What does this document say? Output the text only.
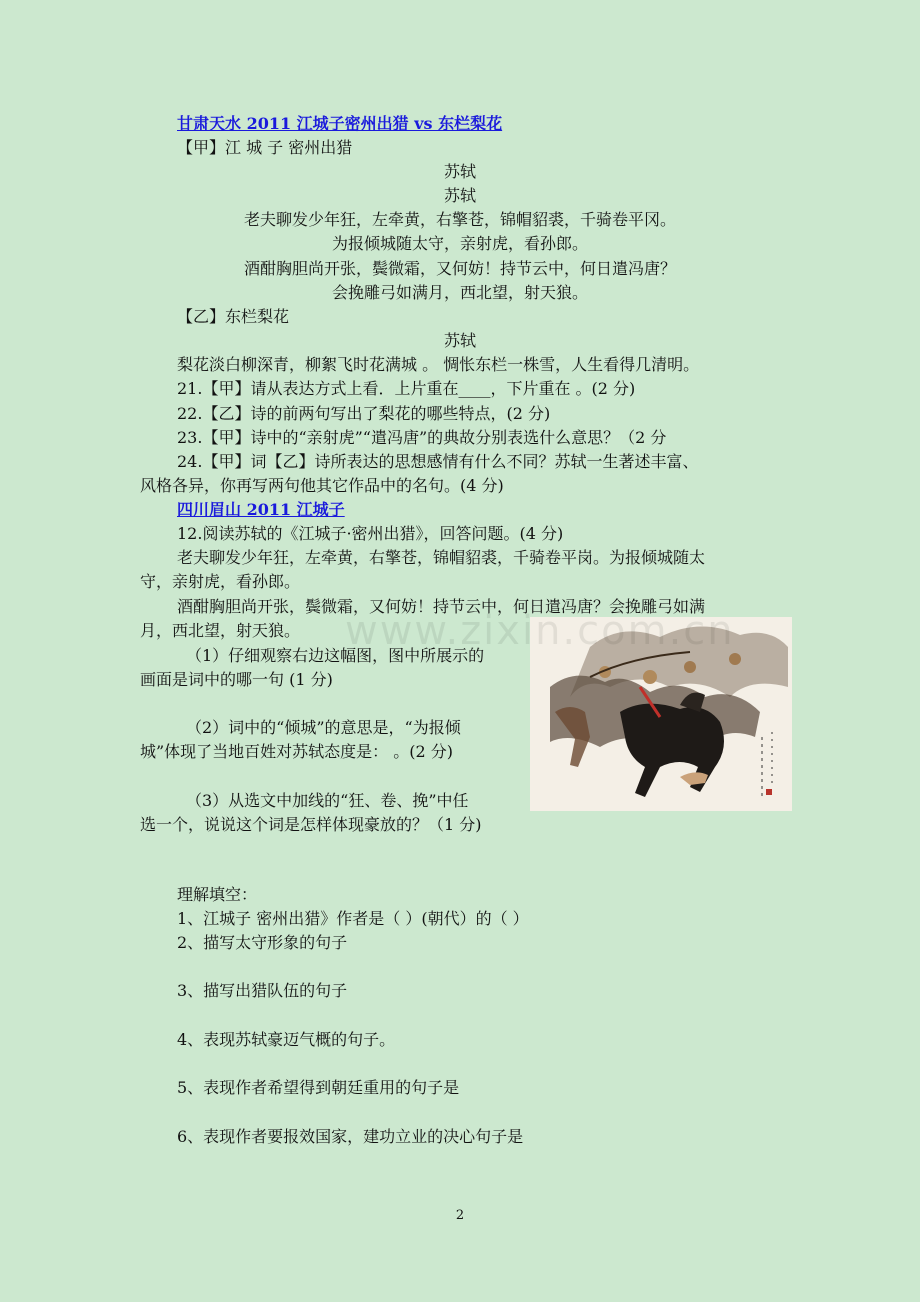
甘肃天水 2011 江城子密州出猎 vs 东栏梨花
【甲】江 城 子 密州出猎
苏轼
苏轼
老夫聊发少年狂，左牵黄，右擎苍，锦帽貂裘，千骑卷平冈。
为报倾城随太守，亲射虎，看孙郎。
酒酣胸胆尚开张，鬓微霜，又何妨！持节云中，何日遣冯唐？
会挽雕弓如满月，西北望，射天狼。
【乙】东栏梨花
苏轼
梨花淡白柳深青，柳絮飞时花满城 。 惆怅东栏一株雪，人生看得几清明。
21.【甲】请从表达方式上看．上片重在____，下片重在 。(2 分)
22.【乙】诗的前两句写出了梨花的哪些特点，(2 分)
23.【甲】诗中的“亲射虎”“遣冯唐”的典故分别表选什么意思？（2 分
24.【甲】词【乙】诗所表达的思想感情有什么不同？苏轼一生著述丰富、
风格各异，你再写两句他其它作品中的名句。(4 分)
四川眉山 2011 江城子
12.阅读苏轼的《江城子·密州出猎》，回答问题。(4 分)
老夫聊发少年狂，左牵黄，右擎苍，锦帽貂裘，千骑卷平岗。为报倾城随太
守，亲射虎，看孙郎。
酒酣胸胆尚开张，鬓微霜，又何妨！持节云中，何日遣冯唐？会挽雕弓如满
月，西北望，射天狼。
（1）仔细观察右边这幅图，图中所展示的
画面是词中的哪一句 (1 分)
（2）词中的“倾城”的意思是，“为报倾
城”体现了当地百姓对苏轼态度是： 。(2 分)
（3）从选文中加线的“狂、卷、挽”中任
选一个，说说这个词是怎样体现豪放的？（1 分)
www.zixin.com.cn
理解填空：
1、江城子 密州出猎》作者是（ ）(朝代）的（ ）
2、描写太守形象的句子
3、描写出猎队伍的句子
4、表现苏轼豪迈气概的句子。
5、表现作者希望得到朝廷重用的句子是
6、表现作者要报效国家，建功立业的决心句子是
2
